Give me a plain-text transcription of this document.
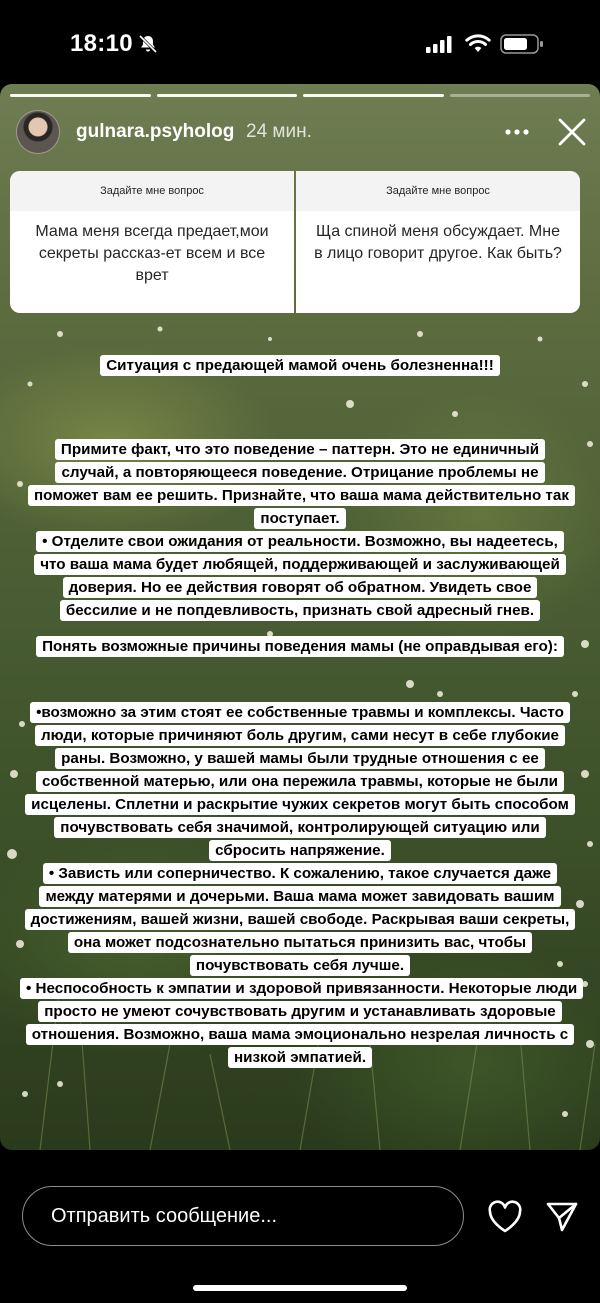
18:10
gulnara.psyholog 24 мин.
Задайте мне вопрос
Мама меня всегда предает,мои секреты рассказ-ет всем и все врет
Задайте мне вопрос
Ща спиной меня обсуждает. Мне в лицо говорит другое. Как быть?
Ситуация с предающей мамой очень болезненна!!!
Примите факт, что это поведение – паттерн. Это не единичный случай, а повторяющееся поведение. Отрицание проблемы не поможет вам ее решить. Признайте, что ваша мама действительно так поступает.
• Отделите свои ожидания от реальности. Возможно, вы надеетесь, что ваша мама будет любящей, поддерживающей и заслуживающей доверия. Но ее действия говорят об обратном. Увидеть свое бессилие и не попдевливость, признать свой адресный гнев.
Понять возможные причины поведения мамы (не оправдывая его):
•возможно за этим стоят ее собственные травмы и комплексы. Часто люди, которые причиняют боль другим, сами несут в себе глубокие раны. Возможно, у вашей мамы были трудные отношения с ее собственной матерью, или она пережила травмы, которые не были исцелены. Сплетни и раскрытие чужих секретов могут быть способом почувствовать себя значимой, контролирующей ситуацию или сбросить напряжение.
• Зависть или соперничество. К сожалению, такое случается даже между матерями и дочерьми. Ваша мама может завидовать вашим достижениям, вашей жизни, вашей свободе. Раскрывая ваши секреты, она может подсознательно пытаться принизить вас, чтобы почувствовать себя лучше.
• Неспособность к эмпатии и здоровой привязанности. Некоторые люди просто не умеют сочувствовать другим и устанавливать здоровые отношения. Возможно, ваша мама эмоционально незрелая личность с низкой эмпатией.
Отправить сообщение...
